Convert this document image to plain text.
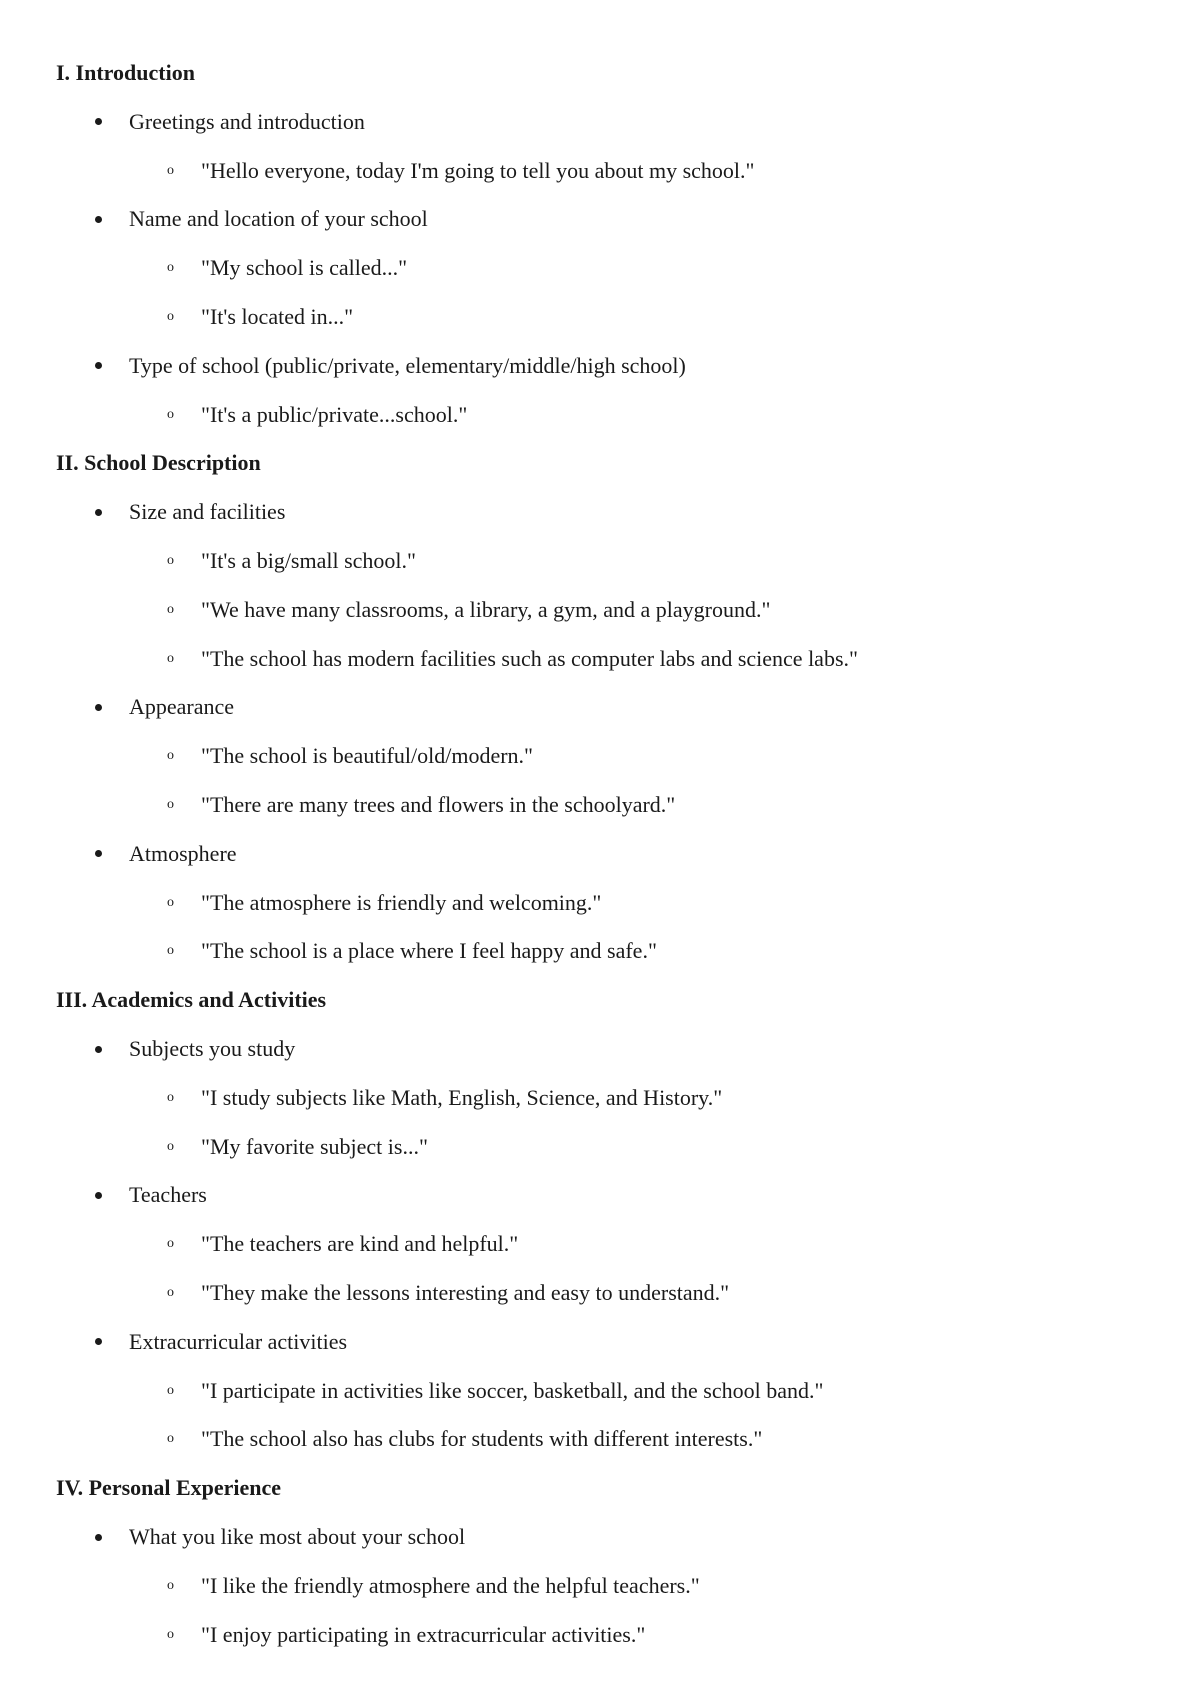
I. Introduction
Greetings and introduction
o "Hello everyone, today I'm going to tell you about my school."
Name and location of your school
o "My school is called..."
o "It's located in..."
Type of school (public/private, elementary/middle/high school)
o "It's a public/private...school."
II. School Description
Size and facilities
o "It's a big/small school."
o "We have many classrooms, a library, a gym, and a playground."
o "The school has modern facilities such as computer labs and science labs."
Appearance
o "The school is beautiful/old/modern."
o "There are many trees and flowers in the schoolyard."
Atmosphere
o "The atmosphere is friendly and welcoming."
o "The school is a place where I feel happy and safe."
III. Academics and Activities
Subjects you study
o "I study subjects like Math, English, Science, and History."
o "My favorite subject is..."
Teachers
o "The teachers are kind and helpful."
o "They make the lessons interesting and easy to understand."
Extracurricular activities
o "I participate in activities like soccer, basketball, and the school band."
o "The school also has clubs for students with different interests."
IV. Personal Experience
What you like most about your school
o "I like the friendly atmosphere and the helpful teachers."
o "I enjoy participating in extracurricular activities."
